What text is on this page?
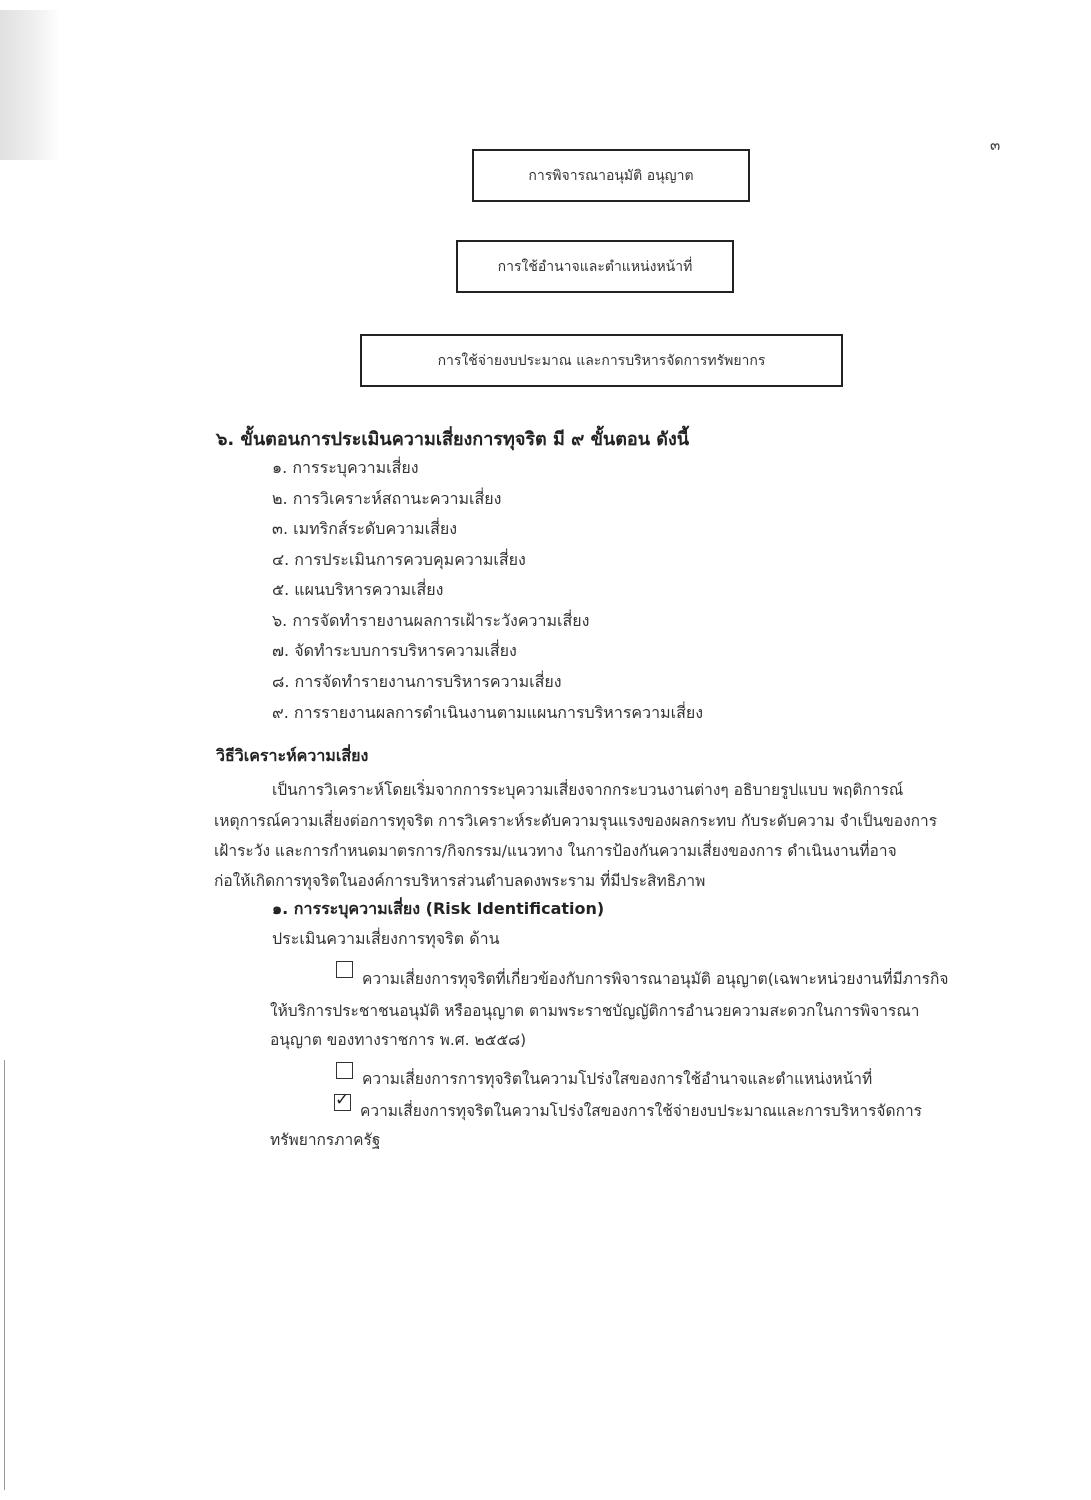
๓
การพิจารณาอนุมัติ อนุญาต
การใช้อำนาจและตำแหน่งหน้าที่
การใช้จ่ายงบประมาณ และการบริหารจัดการทรัพยากร
๖. ขั้นตอนการประเมินความเสี่ยงการทุจริต มี ๙ ขั้นตอน ดังนี้
๑. การระบุความเสี่ยง
๒. การวิเคราะห์สถานะความเสี่ยง
๓. เมทริกส์ระดับความเสี่ยง
๔. การประเมินการควบคุมความเสี่ยง
๕. แผนบริหารความเสี่ยง
๖. การจัดทำรายงานผลการเฝ้าระวังความเสี่ยง
๗. จัดทำระบบการบริหารความเสี่ยง
๘. การจัดทำรายงานการบริหารความเสี่ยง
๙. การรายงานผลการดำเนินงานตามแผนการบริหารความเสี่ยง
วิธีวิเคราะห์ความเสี่ยง
เป็นการวิเคราะห์โดยเริ่มจากการระบุความเสี่ยงจากกระบวนงานต่างๆ อธิบายรูปแบบ พฤติการณ์
เหตุการณ์ความเสี่ยงต่อการทุจริต การวิเคราะห์ระดับความรุนแรงของผลกระทบ กับระดับความ จำเป็นของการ
เฝ้าระวัง และการกำหนดมาตรการ/กิจกรรม/แนวทาง ในการป้องกันความเสี่ยงของการ ดำเนินงานที่อาจ
ก่อให้เกิดการทุจริตในองค์การบริหารส่วนตำบลดงพระราม ที่มีประสิทธิภาพ
๑. การระบุความเสี่ยง (Risk Identification)
ประเมินความเสี่ยงการทุจริต ด้าน
ความเสี่ยงการทุจริตที่เกี่ยวข้องกับการพิจารณาอนุมัติ อนุญาต(เฉพาะหน่วยงานที่มีภารกิจ
ให้บริการประชาชนอนุมัติ หรืออนุญาต ตามพระราชบัญญัติการอำนวยความสะดวกในการพิจารณา
อนุญาต ของทางราชการ พ.ศ. ๒๕๕๘)
ความเสี่ยงการการทุจริตในความโปร่งใสของการใช้อำนาจและตำแหน่งหน้าที่
✓
ความเสี่ยงการทุจริตในความโปร่งใสของการใช้จ่ายงบประมาณและการบริหารจัดการ
ทรัพยากรภาครัฐ
